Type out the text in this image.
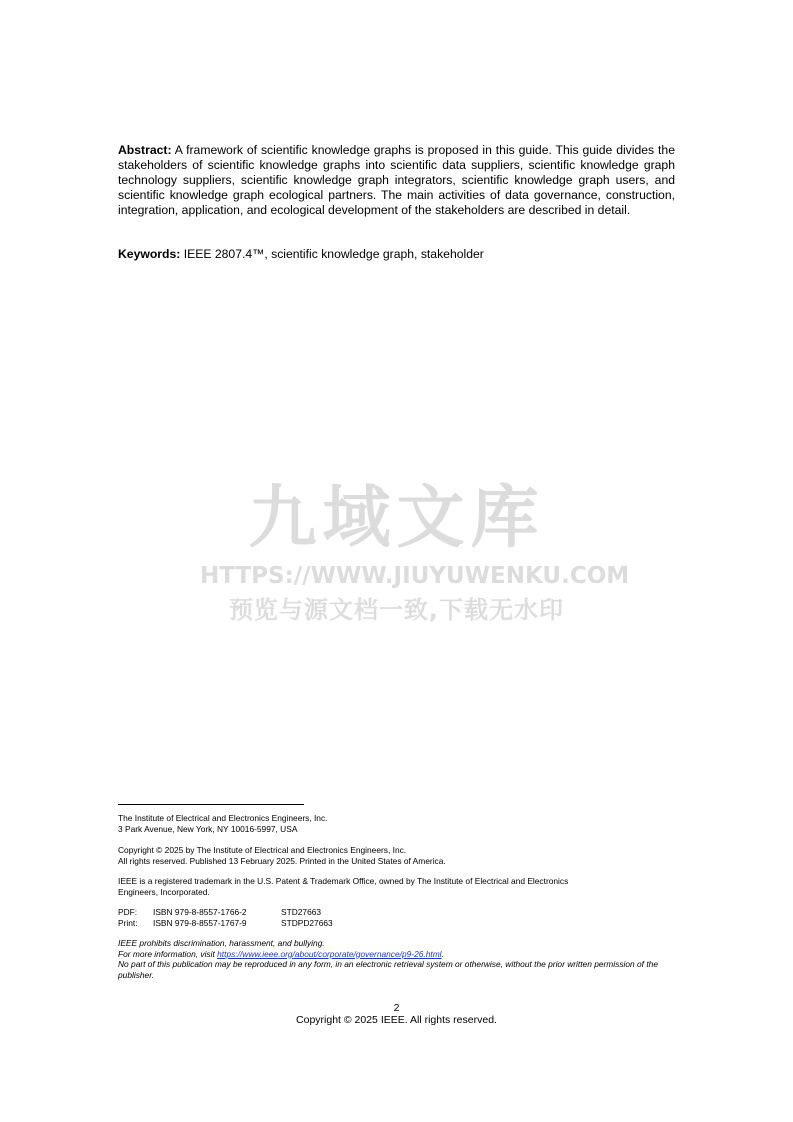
Abstract: A framework of scientific knowledge graphs is proposed in this guide. This guide divides the stakeholders of scientific knowledge graphs into scientific data suppliers, scientific knowledge graph technology suppliers, scientific knowledge graph integrators, scientific knowledge graph users, and scientific knowledge graph ecological partners. The main activities of data governance, construction, integration, application, and ecological development of the stakeholders are described in detail.

Keywords: IEEE 2807.4™, scientific knowledge graph, stakeholder

九域文库
HTTPS://WWW.JIUYUWENKU.COM
预览与源文档一致,下载无水印
The Institute of Electrical and Electronics Engineers, Inc.
3 Park Avenue, New York, NY 10016-5997, USA
Copyright © 2025 by The Institute of Electrical and Electronics Engineers, Inc.
All rights reserved. Published 13 February 2025. Printed in the United States of America.
IEEE is a registered trademark in the U.S. Patent & Trademark Office, owned by The Institute of Electrical and Electronics Engineers, Incorporated.
PDF: ISBN 979-8-8557-1766-2	STD27663
Print: ISBN 979-8-8557-1767-9	STDPD27663
IEEE prohibits discrimination, harassment, and bullying.
For more information, visit https://www.ieee.org/about/corporate/governance/p9-26.html.
No part of this publication may be reproduced in any form, in an electronic retrieval system or otherwise, without the prior written permission of the publisher.
2
Copyright © 2025 IEEE. All rights reserved.
